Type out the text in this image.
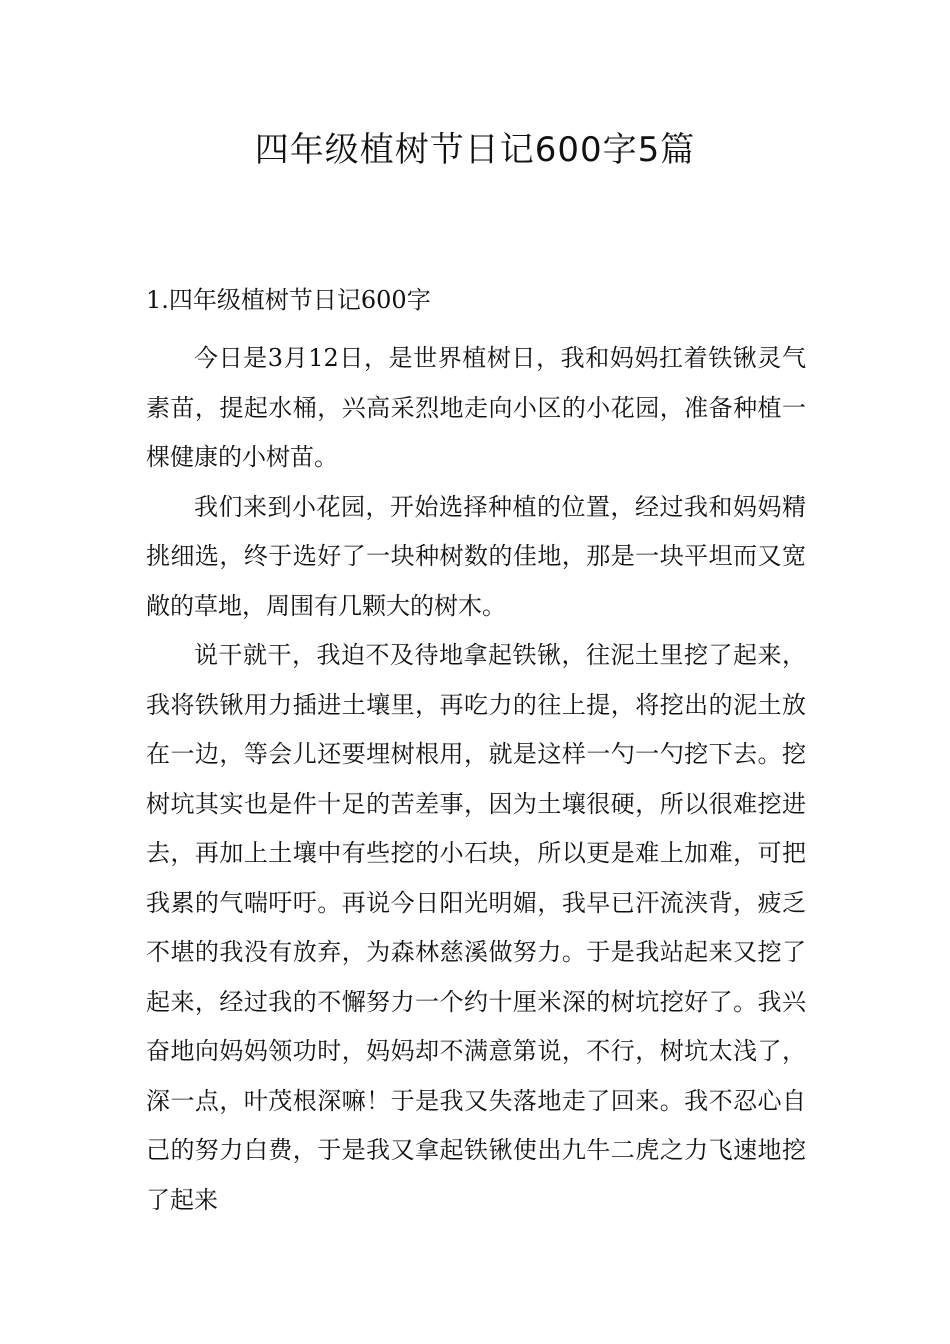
四年级植树节日记600字5篇
1.四年级植树节日记600字

今日是3月12日，是世界植树日，我和妈妈扛着铁锹灵气素苗，提起水桶，兴高采烈地走向小区的小花园，准备种植一棵健康的小树苗。

我们来到小花园，开始选择种植的位置，经过我和妈妈精挑细选，终于选好了一块种树数的佳地，那是一块平坦而又宽敞的草地，周围有几颗大的树木。

说干就干，我迫不及待地拿起铁锹，往泥土里挖了起来，我将铁锹用力插进土壤里，再吃力的往上提，将挖出的泥土放在一边，等会儿还要埋树根用，就是这样一勺一勺挖下去。挖树坑其实也是件十足的苦差事，因为土壤很硬，所以很难挖进去，再加上土壤中有些挖的小石块，所以更是难上加难，可把我累的气喘吁吁。再说今日阳光明媚，我早已汗流浃背，疲乏不堪的我没有放弃，为森林慈溪做努力。于是我站起来又挖了起来，经过我的不懈努力一个约十厘米深的树坑挖好了。我兴奋地向妈妈领功时，妈妈却不满意第说，不行，树坑太浅了，深一点，叶茂根深嘛！于是我又失落地走了回来。我不忍心自己的努力白费，于是我又拿起铁锹使出九牛二虎之力飞速地挖了起来
